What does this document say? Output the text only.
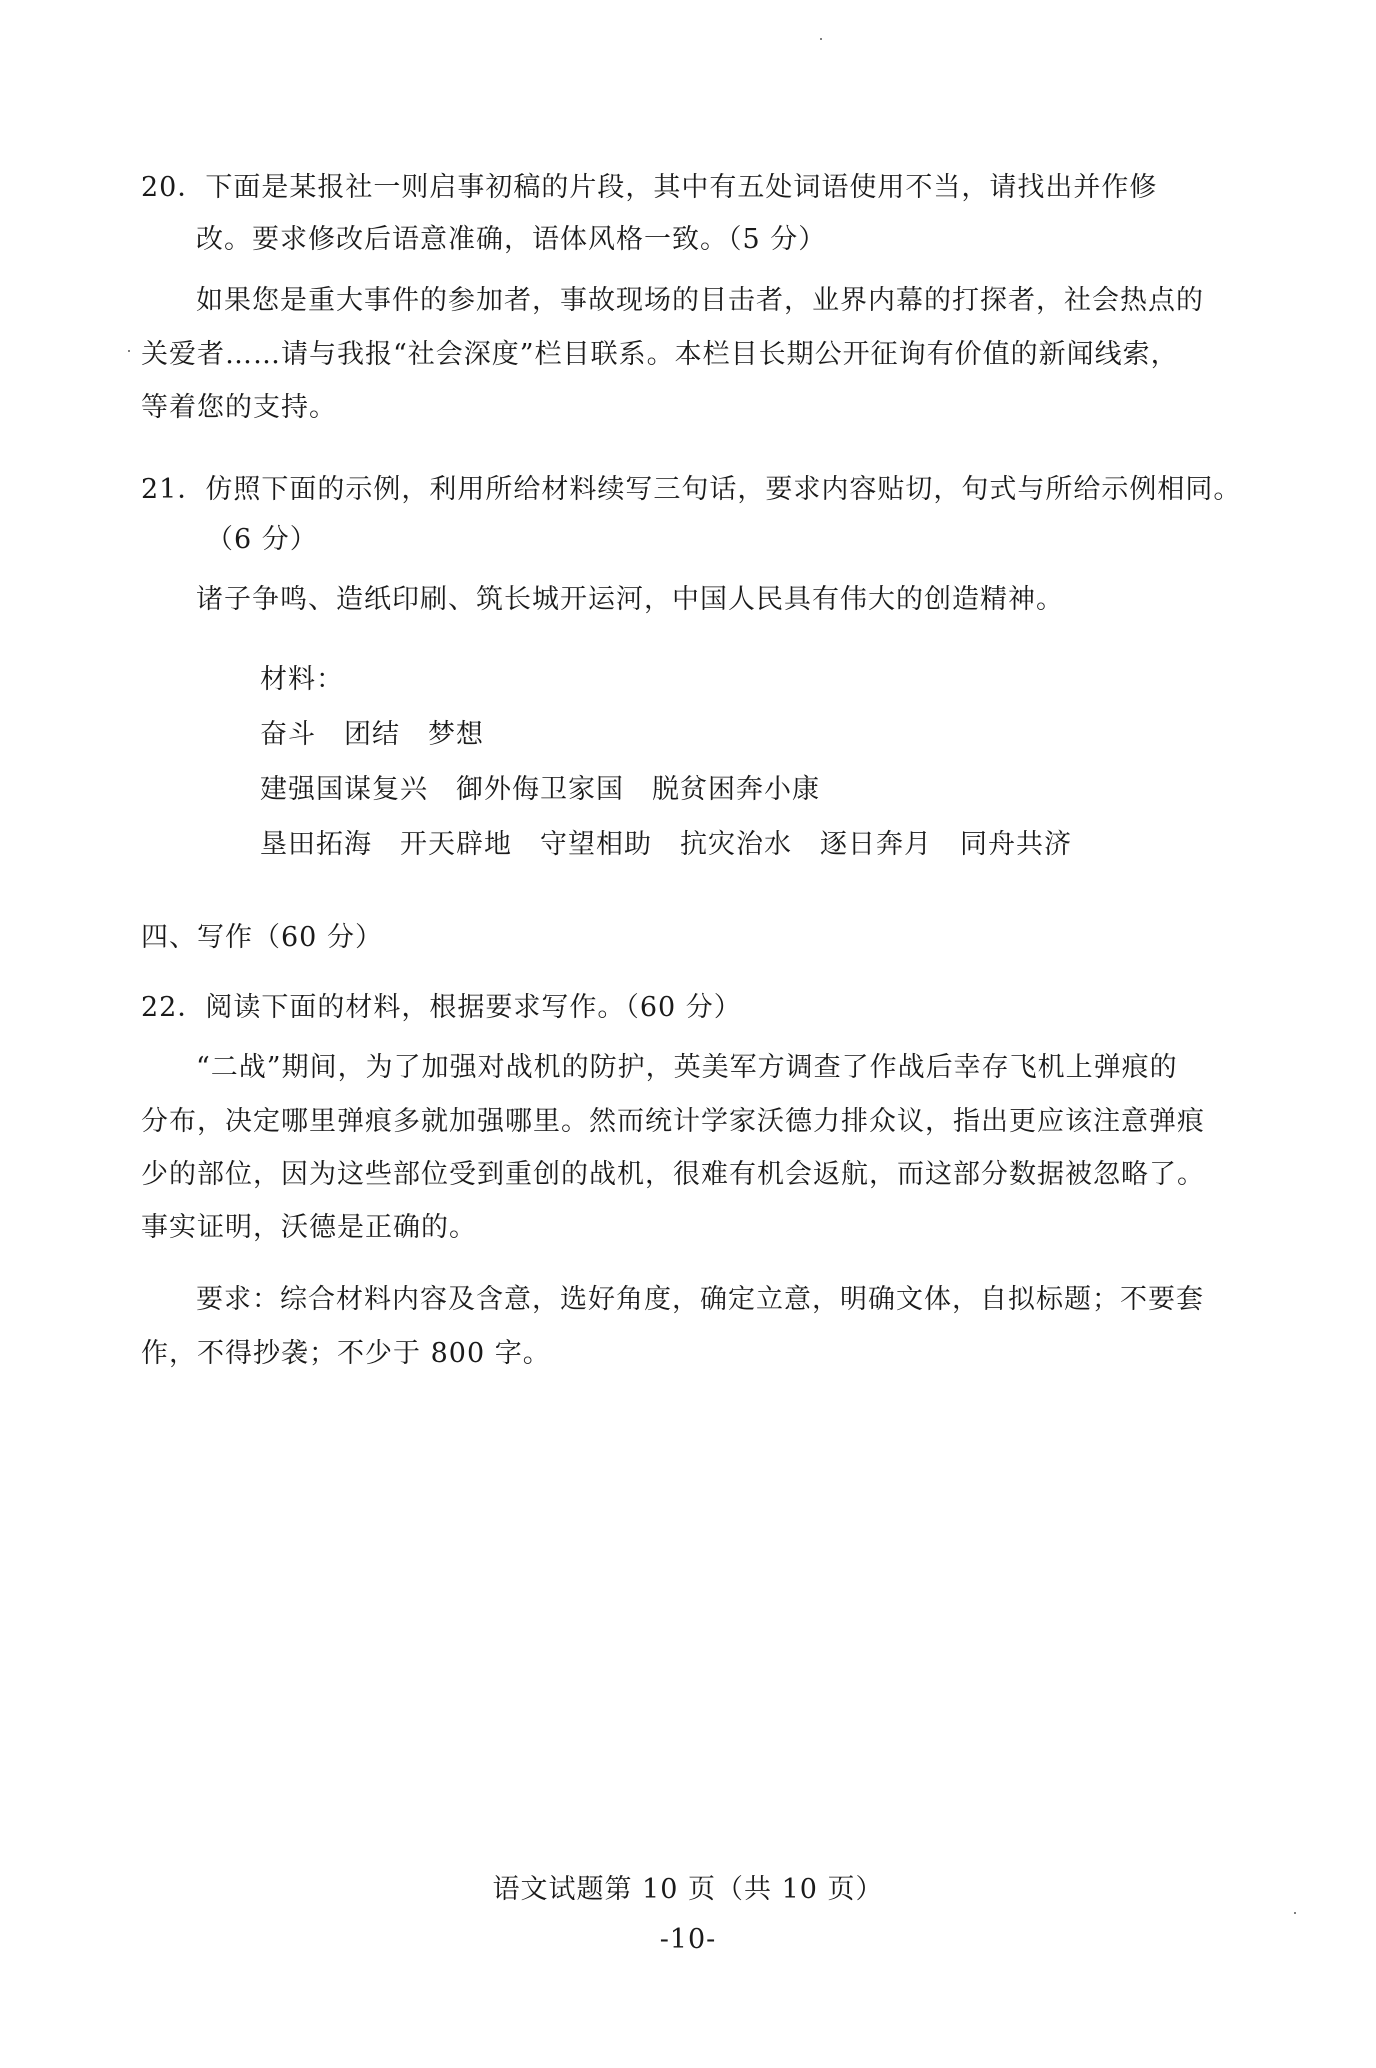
20．下面是某报社一则启事初稿的片段，其中有五处词语使用不当，请找出并作修
改。要求修改后语意准确，语体风格一致。（5 分）
如果您是重大事件的参加者，事故现场的目击者，业界内幕的打探者，社会热点的
关爱者……请与我报“社会深度”栏目联系。本栏目长期公开征询有价值的新闻线索，
等着您的支持。
21．仿照下面的示例，利用所给材料续写三句话，要求内容贴切，句式与所给示例相同。
（6 分）
诸子争鸣、造纸印刷、筑长城开运河，中国人民具有伟大的创造精神。
材料：
奋斗　团结　梦想
建强国谋复兴　御外侮卫家国　脱贫困奔小康
垦田拓海　开天辟地　守望相助　抗灾治水　逐日奔月　同舟共济
四、写作（60 分）
22．阅读下面的材料，根据要求写作。（60 分）
“二战”期间，为了加强对战机的防护，英美军方调查了作战后幸存飞机上弹痕的
分布，决定哪里弹痕多就加强哪里。然而统计学家沃德力排众议，指出更应该注意弹痕
少的部位，因为这些部位受到重创的战机，很难有机会返航，而这部分数据被忽略了。
事实证明，沃德是正确的。
要求：综合材料内容及含意，选好角度，确定立意，明确文体，自拟标题；不要套
作，不得抄袭；不少于 800 字。
语文试题第 10 页（共 10 页）
-10-
